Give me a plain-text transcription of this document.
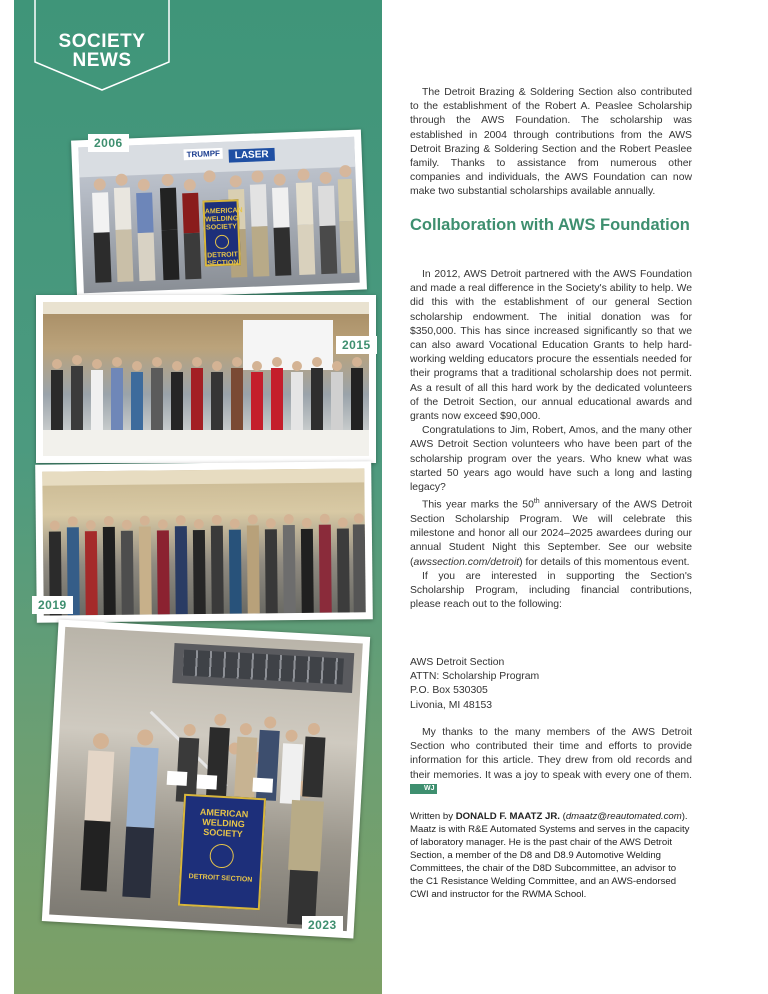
SOCIETY
NEWS
TRUMPF	LASER
AMERICAN
WELDING
SOCIETY
DETROIT
SECTION
2006
2015
2019
AMERICAN
WELDING
SOCIETY
DETROIT SECTION
2023

The Detroit Brazing & Soldering Section also contributed to the establishment of the Robert A. Peaslee Scholarship through the AWS Foundation. The scholarship was established in 2004 through contributions from the AWS Detroit Brazing & Soldering Section and the Robert Peaslee family. Thanks to assistance from numerous other companies and individuals, the AWS Foundation can now make two substantial scholarships available annually.

Collaboration with AWS Foundation

In 2012, AWS Detroit partnered with the AWS Foundation and made a real difference in the Society's ability to help. We did this with the establishment of our general Section scholarship endowment. The initial donation was for $350,000. This has since increased significantly so that we can also award Vocational Education Grants to help hard-working welding educators procure the essentials needed for their programs that a traditional scholarship does not permit. As a result of all this hard work by the dedicated volunteers of the Detroit Section, our annual educational awards and grants now exceed $90,000.

Congratulations to Jim, Robert, Amos, and the many other AWS Detroit Section volunteers who have been part of the scholarship program over the years. Who knew what was started 50 years ago would have such a long and lasting legacy?

This year marks the 50th anniversary of the AWS Detroit Section Scholarship Program. We will celebrate this milestone and honor all our 2024–2025 awardees during our annual Student Night this September. See our website (awssection.com/detroit) for details of this momentous event.

If you are interested in supporting the Section's Scholarship Program, including financial contributions, please reach out to the following:

AWS Detroit Section
ATTN: Scholarship Program
P.O. Box 530305
Livonia, MI 48153

My thanks to the many members of the AWS Detroit Section who contributed their time and efforts to provide information for this article. They drew from old records and their memories. It was a joy to speak with every one of them. WJ

Written by DONALD F. MAATZ JR. (dmaatz@reautomated.com). Maatz is with R&E Automated Systems and serves in the capacity of laboratory manager. He is the past chair of the AWS Detroit Section, a member of the D8 and D8.9 Automotive Welding Committees, the chair of the D8D Subcommittee, an advisor to the C1 Resistance Welding Committee, and an AWS-endorsed CWI and instructor for the RWMA School.
